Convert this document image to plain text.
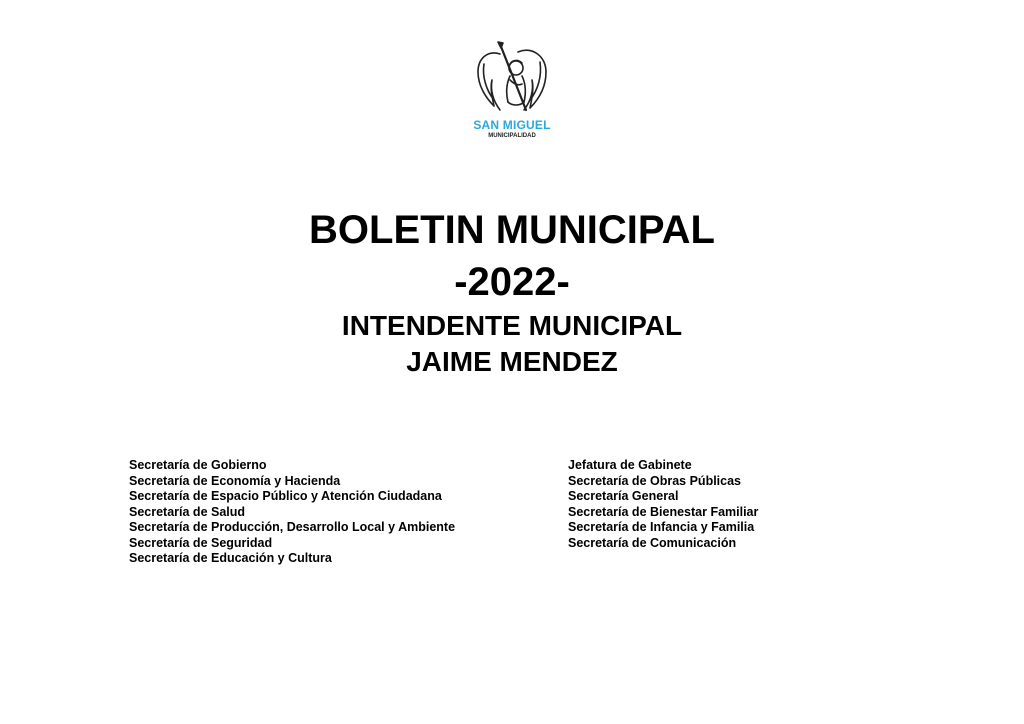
SAN MIGUEL
MUNICIPALIDAD
BOLETIN MUNICIPAL
-2022-
INTENDENTE MUNICIPAL
JAIME MENDEZ
Secretaría de Gobierno
Secretaría de Economía y Hacienda
Secretaría de Espacio Público y Atención Ciudadana
Secretaría de Salud
Secretaría de Producción, Desarrollo Local y Ambiente
Secretaría de Seguridad
Secretaría de Educación y Cultura
Jefatura de Gabinete
Secretaría de Obras Públicas
Secretaría General
Secretaría de Bienestar Familiar
Secretaría de Infancia y Familia
Secretaría de Comunicación
